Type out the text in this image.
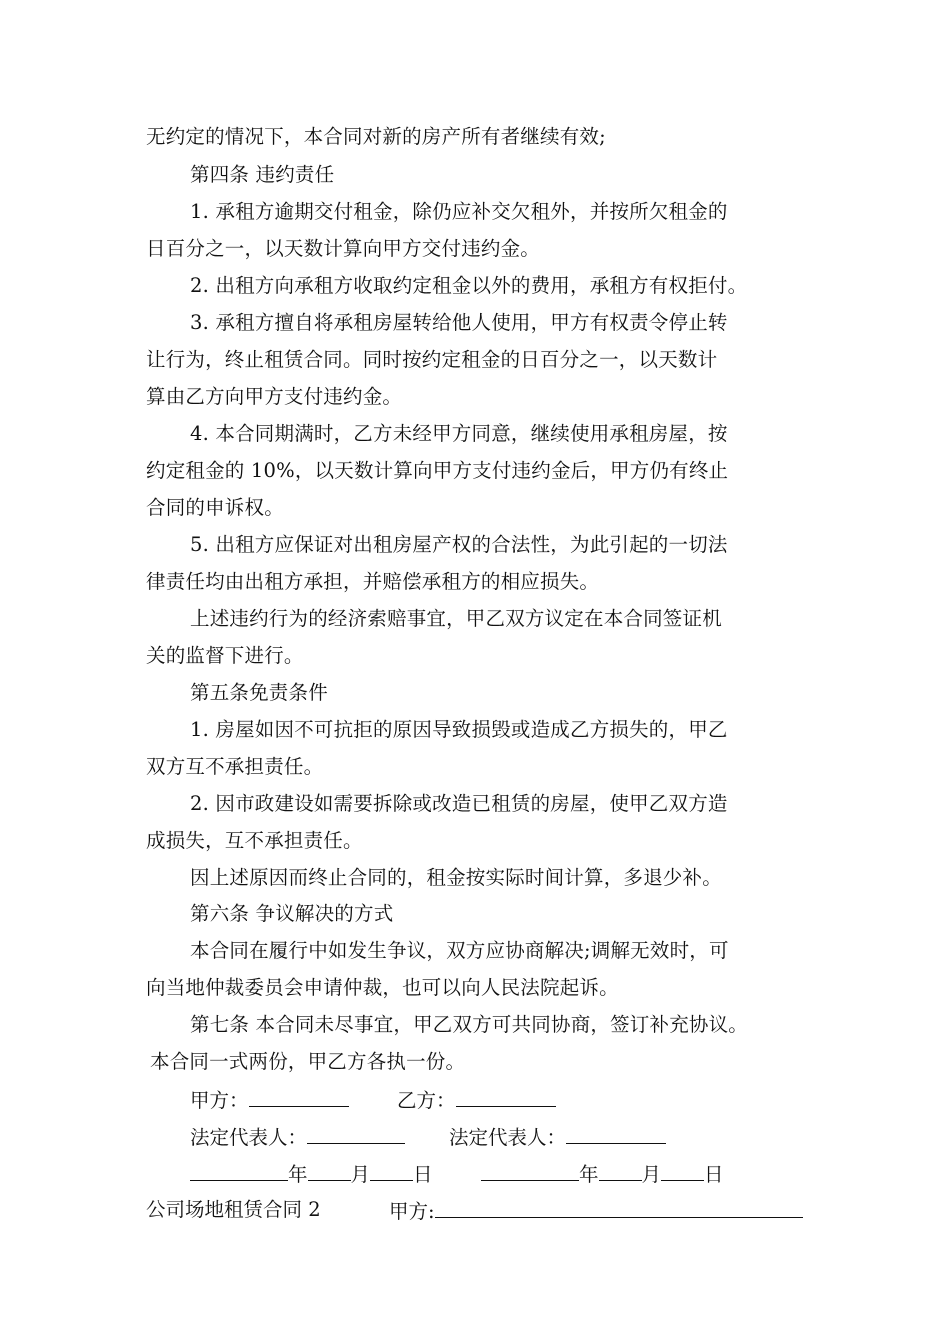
无约定的情况下，本合同对新的房产所有者继续有效;

第四条 违约责任

1. 承租方逾期交付租金，除仍应补交欠租外，并按所欠租金的

日百分之一，以天数计算向甲方交付违约金。

2. 出租方向承租方收取约定租金以外的费用，承租方有权拒付。

3. 承租方擅自将承租房屋转给他人使用，甲方有权责令停止转

让行为，终止租赁合同。同时按约定租金的日百分之一，以天数计

算由乙方向甲方支付违约金。

4. 本合同期满时，乙方未经甲方同意，继续使用承租房屋，按

约定租金的 10%，以天数计算向甲方支付违约金后，甲方仍有终止

合同的申诉权。

5. 出租方应保证对出租房屋产权的合法性，为此引起的一切法

律责任均由出租方承担，并赔偿承租方的相应损失。

上述违约行为的经济索赔事宜，甲乙双方议定在本合同签证机

关的监督下进行。

第五条免责条件

1. 房屋如因不可抗拒的原因导致损毁或造成乙方损失的，甲乙

双方互不承担责任。

2. 因市政建设如需要拆除或改造已租赁的房屋，使甲乙双方造

成损失，互不承担责任。

因上述原因而终止合同的，租金按实际时间计算，多退少补。

第六条 争议解决的方式

本合同在履行中如发生争议，双方应协商解决;调解无效时，可

向当地仲裁委员会申请仲裁，也可以向人民法院起诉。

第七条 本合同未尽事宜，甲乙双方可共同协商，签订补充协议。

本合同一式两份，甲乙方各执一份。

甲方：	乙方：
法定代表人：	法定代表人：
年 月 日	年 月 日
公司场地租赁合同 2	甲方:
